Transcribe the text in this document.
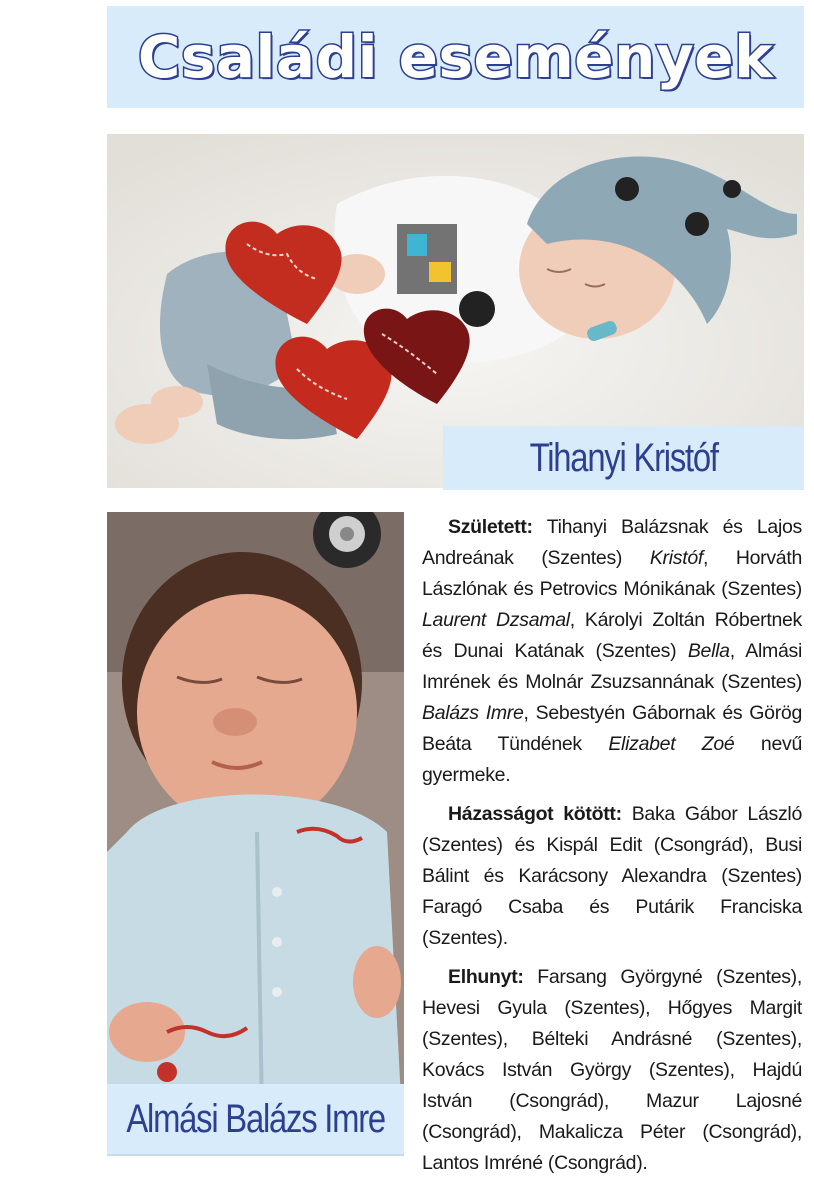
Családi események
Tihanyi Kristóf
Almási Balázs Imre

Született: Tihanyi Balázsnak és Lajos Andreának (Szentes) Kristóf, Horváth Lászlónak és Petrovics Mónikának (Szentes) Laurent Dzsamal, Károlyi Zoltán Róbertnek és Dunai Katának (Szentes) Bella, Almási Imrének és Molnár Zsuzsannának (Szentes) Balázs Imre, Sebestyén Gábornak és Görög Beáta Tündének Elizabet Zoé nevű gyermeke.

Házasságot kötött: Baka Gábor László (Szentes) és Kispál Edit (Csongrád), Busi Bálint és Karácsony Alexandra (Szentes) Faragó Csaba és Putárik Franciska (Szentes).

Elhunyt: Farsang Györgyné (Szentes), Hevesi Gyula (Szentes), Hőgyes Margit (Szentes), Bélteki Andrásné (Szentes), Kovács István György (Szentes), Hajdú István (Csongrád), Mazur Lajosné (Csongrád), Makalicza Péter (Csongrád), Lantos Imréné (Csongrád).
